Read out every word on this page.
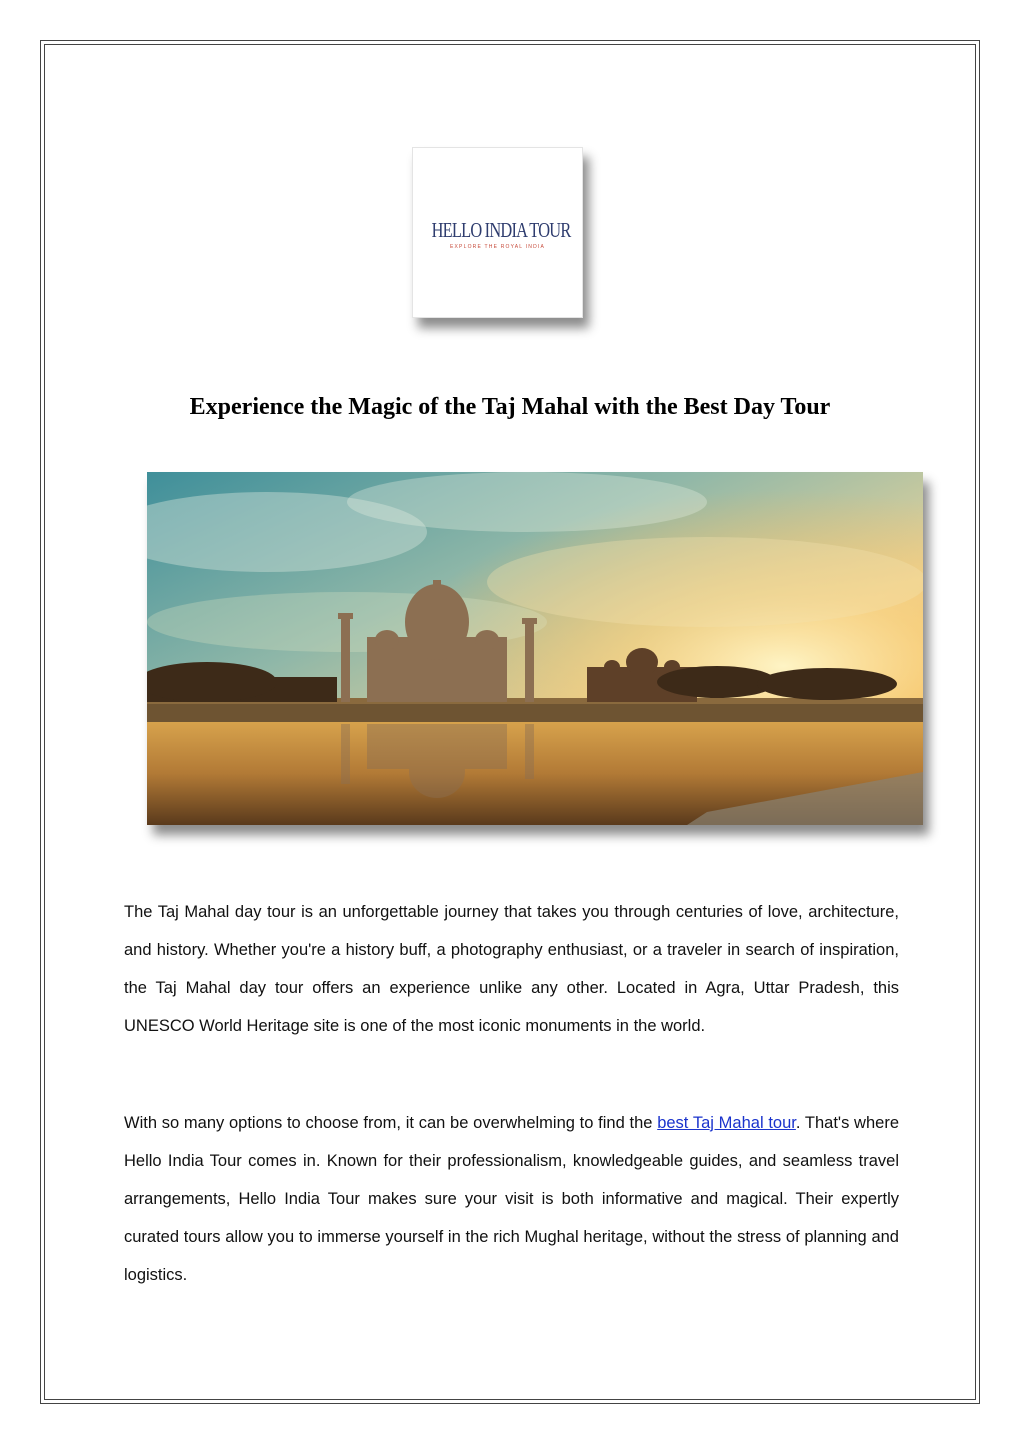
HELLO INDIA TOUR
EXPLORE THE ROYAL INDIA
Experience the Magic of the Taj Mahal with the Best Day Tour

The Taj Mahal day tour is an unforgettable journey that takes you through centuries of love, architecture, and history. Whether you're a history buff, a photography enthusiast, or a traveler in search of inspiration, the Taj Mahal day tour offers an experience unlike any other. Located in Agra, Uttar Pradesh, this UNESCO World Heritage site is one of the most iconic monuments in the world.

With so many options to choose from, it can be overwhelming to find the best Taj Mahal tour. That's where Hello India Tour comes in. Known for their professionalism, knowledgeable guides, and seamless travel arrangements, Hello India Tour makes sure your visit is both informative and magical. Their expertly curated tours allow you to immerse yourself in the rich Mughal heritage, without the stress of planning and logistics.
